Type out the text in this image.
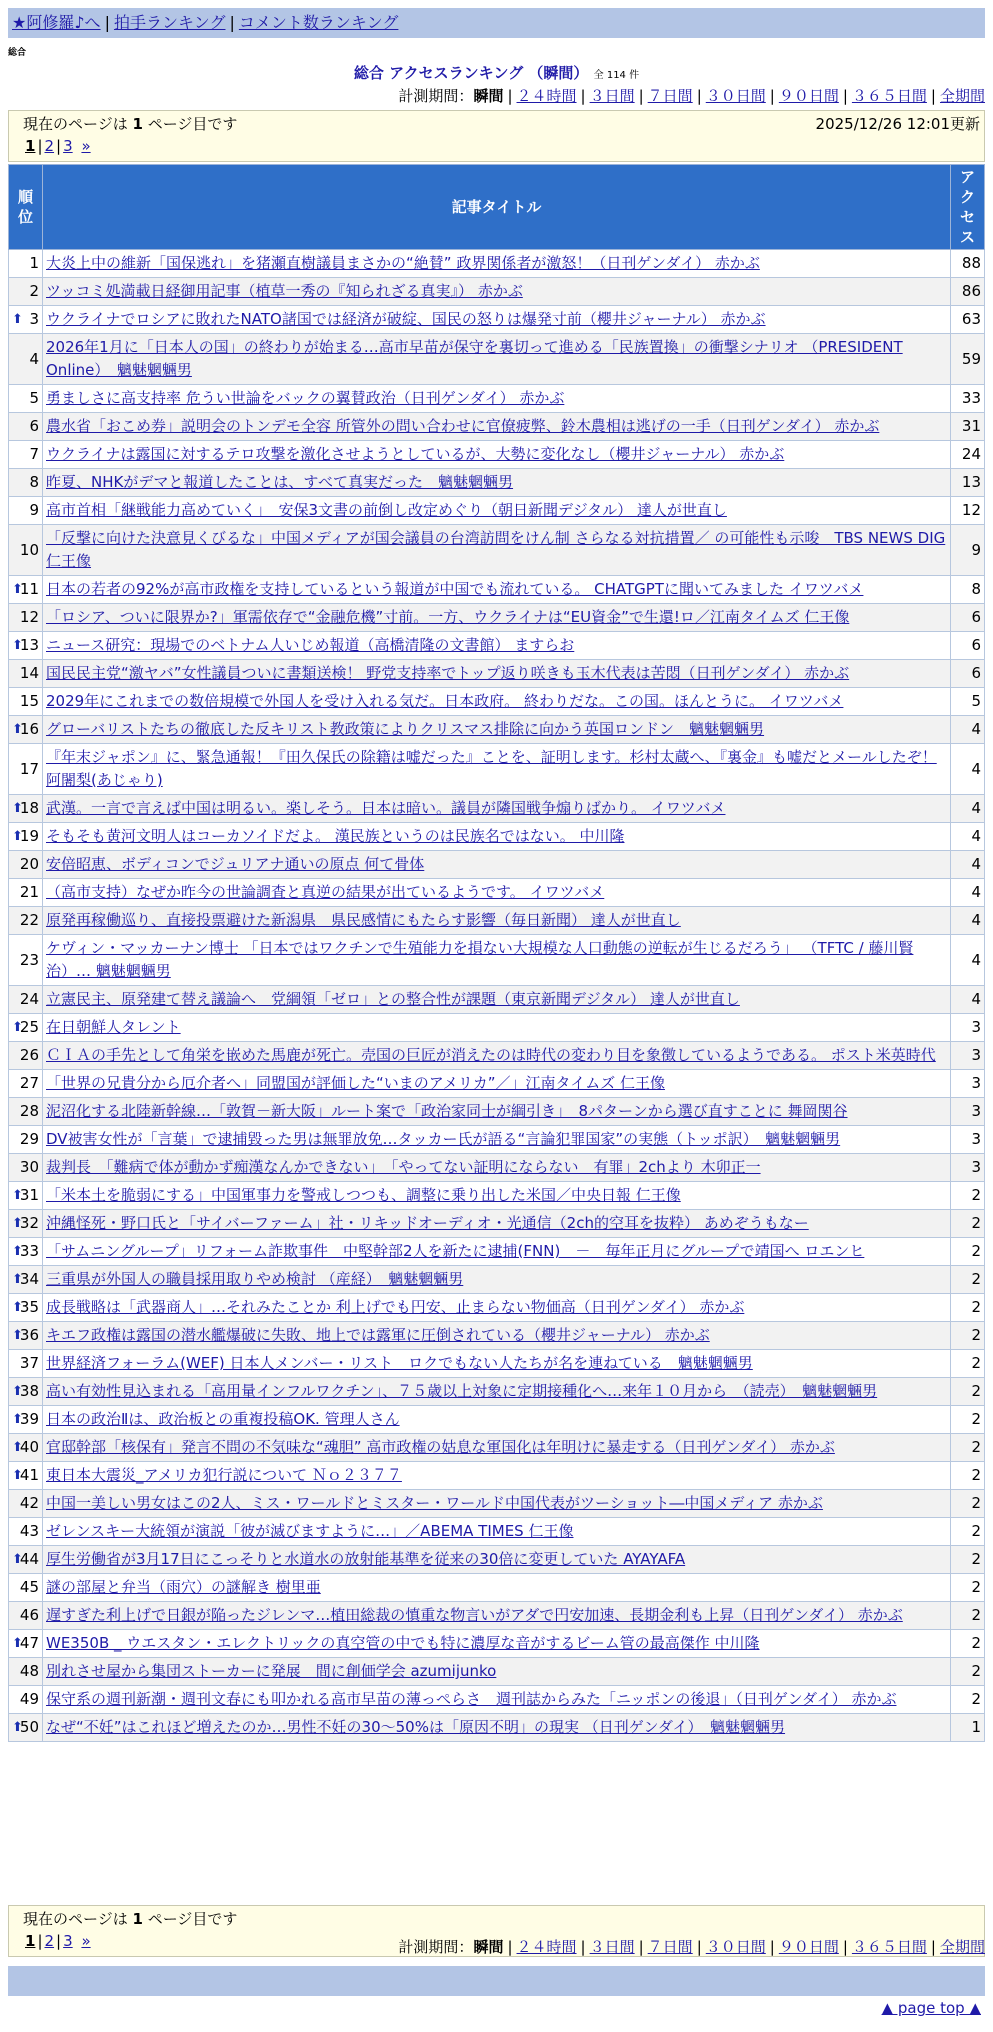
★阿修羅♪へ | 拍手ランキング | コメント数ランキング
総合
総合 アクセスランキング （瞬間） 全 114 件
計測期間：瞬間 | ２４時間 | ３日間 | ７日間 | ３０日間 | ９０日間 | ３６５日間 | 全期間
現在のページは 1 ページ目です	2025/12/26 12:01更新
1 | 2 | 3 »
順位	記事タイトル	アクセス
1	大炎上中の維新「国保逃れ」を猪瀬直樹議員まさかの“絶賛” 政界関係者が激怒！（日刊ゲンダイ） 赤かぶ	88
2	ツッコミ処満載日経御用記事（植草一秀の『知られざる真実』） 赤かぶ	86

⬆ 3	ウクライナでロシアに敗れたNATO諸国では経済が破綻、国民の怒りは爆発寸前（櫻井ジャーナル） 赤かぶ	63
4	2026年1月に「日本人の国」の終わりが始まる…高市早苗が保守を裏切って進める「民族置換」の衝撃シナリオ （PRESIDENT Online）　魑魅魍魎男	59
5	勇ましさに高支持率 危うい世論をバックの翼賛政治（日刊ゲンダイ） 赤かぶ	33
6	農水省「おこめ券」説明会のトンデモ全容 所管外の問い合わせに官僚疲弊、鈴木農相は逃げの一手（日刊ゲンダイ） 赤かぶ	31
7	ウクライナは露国に対するテロ攻撃を激化させようとしているが、大勢に変化なし（櫻井ジャーナル） 赤かぶ	24
8	昨夏、NHKがデマと報道したことは、すべて真実だった　魑魅魍魎男	13
9	高市首相「継戦能力高めていく」　安保3文書の前倒し改定めぐり（朝日新聞デジタル） 達人が世直し	12
10	「反撃に向けた決意見くびるな」中国メディアが国会議員の台湾訪問をけん制 さらなる対抗措置／ の可能性も示唆　TBS NEWS DIG 仁王像	9

⬆
11	日本の若者の92%が高市政権を支持しているという報道が中国でも流れている。 CHATGPTに聞いてみました イワツバメ	8
12	「ロシア、ついに限界か?」軍需依存で“金融危機”寸前。一方、ウクライナは“EU資金”で生還!ロ／江南タイムズ 仁王像	6

⬆
13	ニュース研究：現場でのベトナム人いじめ報道（高橋清隆の文書館） ますらお	6
14	国民民主党“激ヤバ”女性議員ついに書類送検！ 野党支持率でトップ返り咲きも玉木代表は苦悶（日刊ゲンダイ） 赤かぶ	6
15	2029年にこれまでの数倍規模で外国人を受け入れる気だ。日本政府。 終わりだな。この国。ほんとうに。 イワツバメ	5

⬆
16	グローバリストたちの徹底した反キリスト教政策によりクリスマス排除に向かう英国ロンドン　魑魅魍魎男	4
17	『年末ジャポン』に、緊急通報！『田久保氏の除籍は嘘だった』ことを、証明します。杉村太蔵へ、『裏金』も嘘だとメールしたぞ！ 阿闍梨(あじゃり)	4

⬆
18	武漢。一言で言えば中国は明るい。楽しそう。日本は暗い。議員が隣国戦争煽りばかり。 イワツバメ	4

⬆
19	そもそも黄河文明人はコーカソイドだよ。 漢民族というのは民族名ではない。 中川隆	4
20	安倍昭恵、ボディコンでジュリアナ通いの原点 何て骨体	4
21	（高市支持）なぜか昨今の世論調査と真逆の結果が出ているようです。 イワツバメ	4
22	原発再稼働巡り、直接投票避けた新潟県　県民感情にもたらす影響（毎日新聞） 達人が世直し	4
23	ケヴィン・マッカーナン博士 「日本ではワクチンで生殖能力を損ない大規模な人口動態の逆転が生じるだろう」 （TFTC / 藤川賢治）… 魑魅魍魎男	4
24	立憲民主、原発建て替え議論へ　党綱領「ゼロ」との整合性が課題（東京新聞デジタル） 達人が世直し	4

⬆
25	在日朝鮮人タレント	3
26	ＣＩＡの手先として角栄を嵌めた馬鹿が死亡。売国の巨匠が消えたのは時代の変わり目を象徴しているようである。 ポスト米英時代	3
27	「世界の兄貴分から厄介者へ」同盟国が評価した“いまのアメリカ”／」江南タイムズ 仁王像	3
28	泥沼化する北陸新幹線…「敦賀－新大阪」ルート案で「政治家同士が綱引き」　8パターンから選び直すことに 舞岡関谷	3
29	DV被害女性が「言葉」で逮捕毀った男は無罪放免…タッカー氏が語る“言論犯罪国家”の実態（トッポ訳）　魑魅魍魎男	3
30	裁判長　「難病で体が動かず痴漢なんかできない」　「やってない証明にならない　有罪」2chより 木卯正一	3

⬆
31	「米本土を脆弱にする」中国軍事力を警戒しつつも、調整に乗り出した米国／中央日報 仁王像	2

⬆
32	沖縄怪死・野口氏と「サイバーファーム」社・リキッドオーディオ・光通信（2ch的空耳を抜粋） あめぞうもなー	2

⬆
33	「サムニングループ」リフォーム詐欺事件　中堅幹部2人を新たに逮捕(FNN)　－　毎年正月にグループで靖国へ ロエンヒ	2

⬆
34	三重県が外国人の職員採用取りやめ検討 （産経）　魑魅魍魎男	2

⬆
35	成長戦略は「武器商人」…それみたことか 利上げでも円安、止まらない物価高（日刊ゲンダイ） 赤かぶ	2

⬆
36	キエフ政権は露国の潜水艦爆破に失敗、地上では露軍に圧倒されている（櫻井ジャーナル） 赤かぶ	2
37	世界経済フォーラム(WEF) 日本人メンバー・リスト　ロクでもない人たちが名を連ねている　魑魅魍魎男	2

⬆
38	高い有効性見込まれる「高用量インフルワクチン」、７５歳以上対象に定期接種化へ…来年１０月から　（読売）　魑魅魍魎男	2

⬆
39	日本の政治Ⅱは、政治板との重複投稿OK. 管理人さん	2

⬆
40	官邸幹部「核保有」発言不問の不気味な“魂胆” 高市政権の姑息な軍国化は年明けに暴走する（日刊ゲンダイ） 赤かぶ	2

⬆
41	東日本大震災_アメリカ犯行説について Ｎｏ２３７７	2
42	中国一美しい男女はこの2人、ミス・ワールドとミスター・ワールド中国代表がツーショット―中国メディア 赤かぶ	2
43	ゼレンスキー大統領が演説「彼が滅びますように…」／ABEMA TIMES 仁王像	2

⬆
44	厚生労働省が3月17日にこっそりと水道水の放射能基準を従来の30倍に変更していた AYAYAFA	2
45	謎の部屋と弁当（雨穴）の謎解き 樹里亜	2
46	遅すぎた利上げで日銀が陥ったジレンマ…植田総裁の慎重な物言いがアダで円安加速、長期金利も上昇（日刊ゲンダイ） 赤かぶ	2

⬆
47	WE350B _ ウエスタン・エレクトリックの真空管の中でも特に濃厚な音がするビーム管の最高傑作 中川隆	2
48	別れさせ屋から集団ストーカーに発展　間に創価学会 azumijunko	2
49	保守系の週刊新潮・週刊文春にも叩かれる高市早苗の薄っぺらさ　週刊誌からみた「ニッポンの後退」（日刊ゲンダイ） 赤かぶ	2

⬆
50	なぜ“不妊”はこれほど増えたのか…男性不妊の30～50%は「原因不明」の現実 （日刊ゲンダイ）　魑魅魍魎男	1
現在のページは 1 ページ目です
1 | 2 | 3 »	計測期間：瞬間 | ２４時間 | ３日間 | ７日間 | ３０日間 | ９０日間 | ３６５日間 | 全期間
▲ page top ▲
